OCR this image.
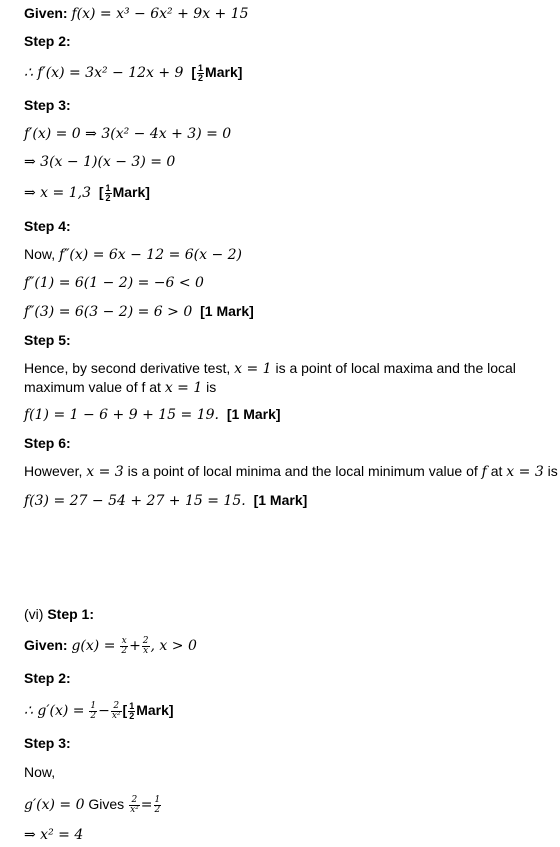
Given: f(x) = x³ − 6x² + 9x + 15
Step 2:
∴ f′(x) = 3x² − 12x + 9 [ $\frac{1}{2}$ Mark]
Step 3:
f′(x) = 0 ⇒ 3(x² − 4x + 3) = 0
⇒ 3(x − 1)(x − 3) = 0
⇒ x = 1,3 [ $\frac{1}{2}$ Mark]
Step 4:
Now, f″(x) = 6x − 12 = 6(x − 2)
f″(1) = 6(1 − 2) = −6 < 0
f″(3) = 6(3 − 2) = 6 > 0 [1 Mark]
Step 5:
Hence, by second derivative test, x = 1 is a point of local maxima and the local maximum value of f at x = 1 is
f(1) = 1 − 6 + 9 + 15 = 19. [1 Mark]
Step 6:
However, x = 3 is a point of local minima and the local minimum value of f at x = 3 is
f(3) = 27 − 54 + 27 + 15 = 15. [1 Mark]
(vi) Step 1:
Given: $g(x) = \frac{x}{2} + \frac{2}{x}$ , x > 0
Step 2:
∴ $g'(x) = \frac{1}{2} - \frac{2}{\text{x²}}$ [ $\frac{1}{2}$ Mark]
Step 3:
Now,
g′(x) = 0 Gives $\frac{2}{\text{x²}} = \frac{1}{2}$
⇒ x² = 4
